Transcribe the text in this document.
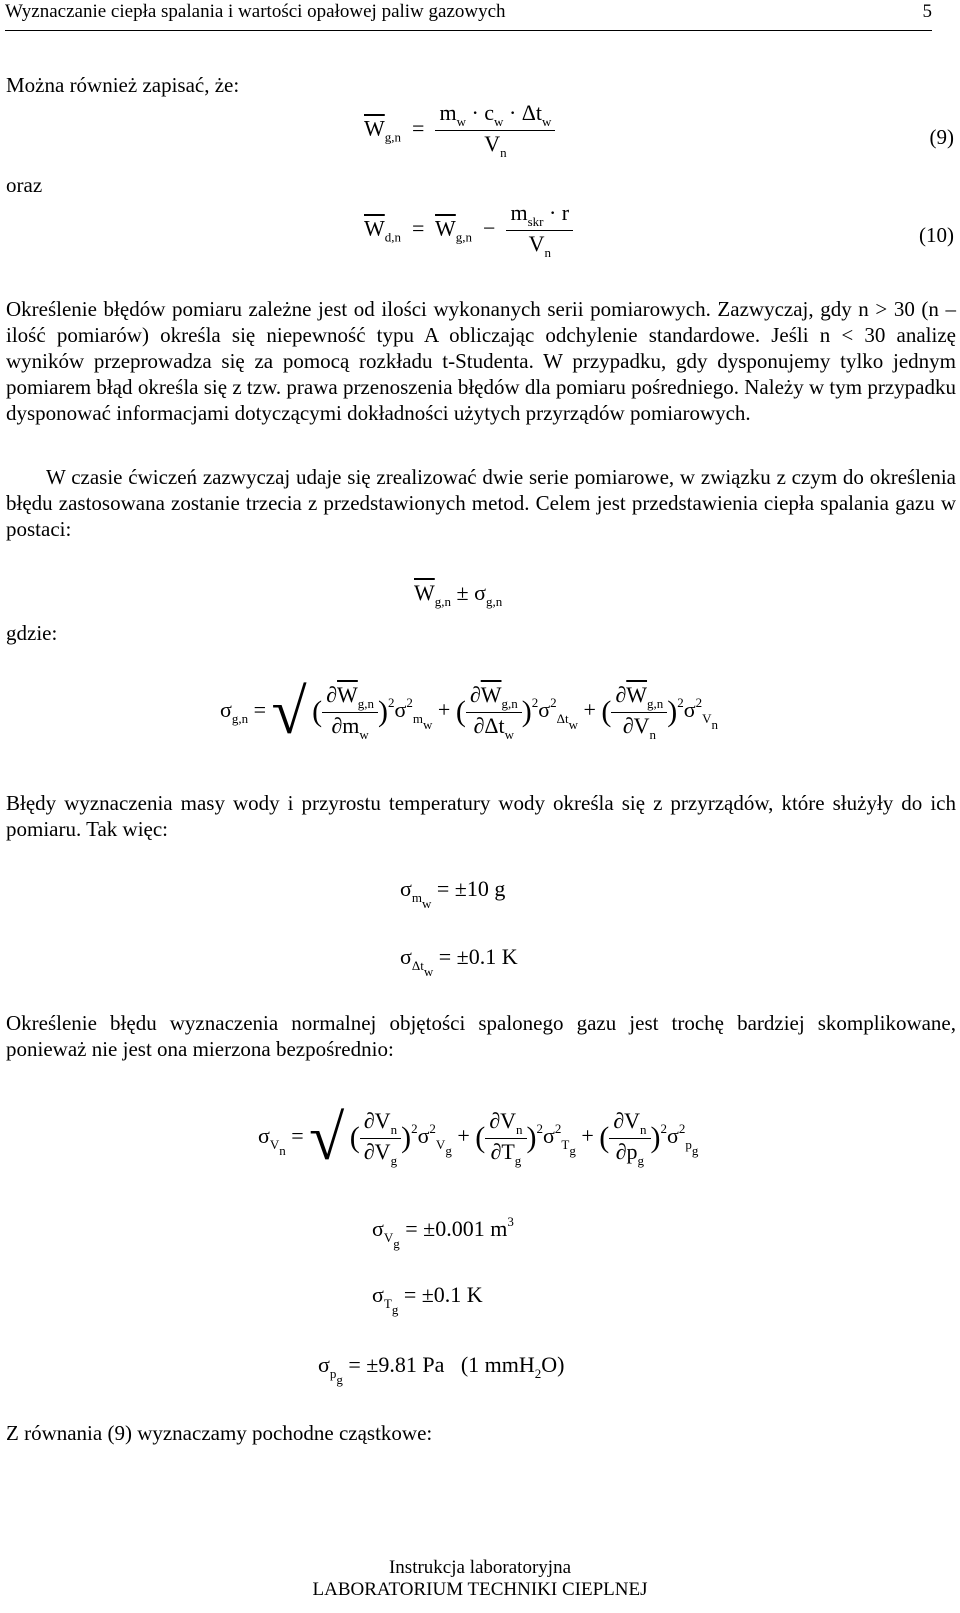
Wyznaczanie ciepła spalania i wartości opałowej paliw gazowych	5
Można również zapisać, że:
$\overline{W}_{g,n} = \frac{m_w \cdot c_w \cdot \Delta t_w}{V_n}$	(9)
oraz
$\overline{W}_{d,n} = \overline{W}_{g,n} - \frac{m_{skr} \cdot r}{V_n}$	(10)
Określenie błędów pomiaru zależne jest od ilości wykonanych serii pomiarowych. Zazwyczaj, gdy n > 30 (n – ilość pomiarów) określa się niepewność typu A obliczając odchylenie standardowe. Jeśli n < 30 analizę wyników przeprowadza się za pomocą rozkładu t-Studenta. W przypadku, gdy dysponujemy tylko jednym pomiarem błąd określa się z tzw. prawa przenoszenia błędów dla pomiaru pośredniego. Należy w tym przypadku dysponować informacjami dotyczącymi dokładności użytych przyrządów pomiarowych.
W czasie ćwiczeń zazwyczaj udaje się zrealizować dwie serie pomiarowe, w związku z czym do określenia błędu zastosowana zostanie trzecia z przedstawionych metod. Celem jest przedstawienia ciepła spalania gazu w postaci:
$\overline{W}_{g,n} \pm \sigma_{g,n}$
gdzie:
$\sigma_{g,n}$ = √ ( $\frac{\partial\overline{W}_{g,n}}{\partial m_w} )^2\sigma^2_{m_w}$ + ( $\frac{\partial\overline{W}_{g,n}}{\partial\Delta t_w} )^2\sigma^2_{\Delta t_w}$ + ( $\frac{\partial\overline{W}_{g,n}}{\partial V_n} )^2\sigma^2_{V_n}$
Błędy wyznaczenia masy wody i przyrostu temperatury wody określa się z przyrządów, które służyły do ich pomiaru. Tak więc:
$\sigma_{m_w} = \pm 10$ g
$\sigma_{\Delta t_w} = \pm 0.1$ K
Określenie błędu wyznaczenia normalnej objętości spalonego gazu jest trochę bardziej skomplikowane, ponieważ nie jest ona mierzona bezpośrednio:
$\sigma_{V_n}$ = √ ( $\frac{\partial V_n}{\partial V_g} )^2\sigma^2_{V_g}$ + ( $\frac{\partial V_n}{\partial T_g} )^2\sigma^2_{T_g}$ + ( $\frac{\partial V_n}{\partial p_g} )^2\sigma^2_{p_g}$
$\sigma_{V_g} = \pm 0.001$ $m^3$
$\sigma_{T_g} = \pm 0.1$ K
$\sigma_{p_g} = \pm 9.81$ Pa (1 mmH$_2$O)
Z równania (9) wyznaczamy pochodne cząstkowe:
Instrukcja laboratoryjna
LABORATORIUM TECHNIKI CIEPLNEJ
